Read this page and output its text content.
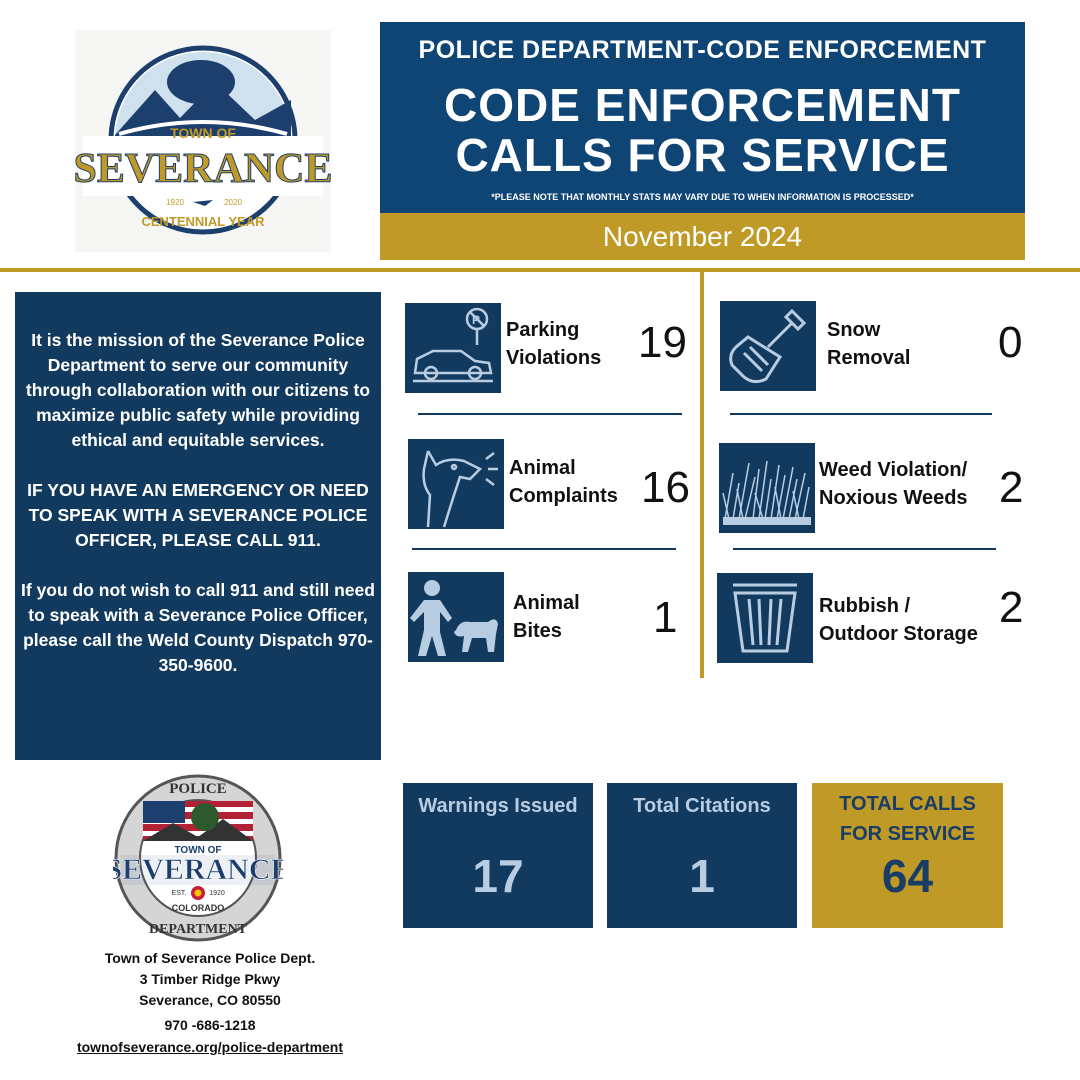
TOWN OF
SEVERANCE
1920	2020
CENTENNIAL YEAR
POLICE DEPARTMENT-CODE ENFORCEMENT
CODE ENFORCEMENT
CALLS FOR SERVICE
*PLEASE NOTE THAT MONTHLY STATS MAY VARY DUE TO WHEN INFORMATION IS PROCESSED*
November 2024

It is the mission of the Severance Police Department to serve our community through collaboration with our citizens to maximize public safety while providing ethical and equitable services.

IF YOU HAVE AN EMERGENCY OR NEED TO SPEAK WITH A SEVERANCE POLICE OFFICER, PLEASE CALL 911.

If you do not wish to call 911 and still need to speak with a Severance Police Officer, please call the Weld County Dispatch 970-350-9600.

P Parking
Violations 19
Animal
Complaints 16
Animal
Bites	1
Snow
Removal 0
Weed Violation/
Noxious Weeds 2
Rubbish /
Outdoor Storage
2
POLICE
TOWN OF
SEVERANCE
EST.	1920
COLORADO
DEPARTMENT
Town of Severance Police Dept.
3 Timber Ridge Pkwy
Severance, CO 80550
970 -686-1218
townofseverance.org/police-department
Warnings Issued
17
Total Citations
1
TOTAL CALLS
FOR SERVICE
64
